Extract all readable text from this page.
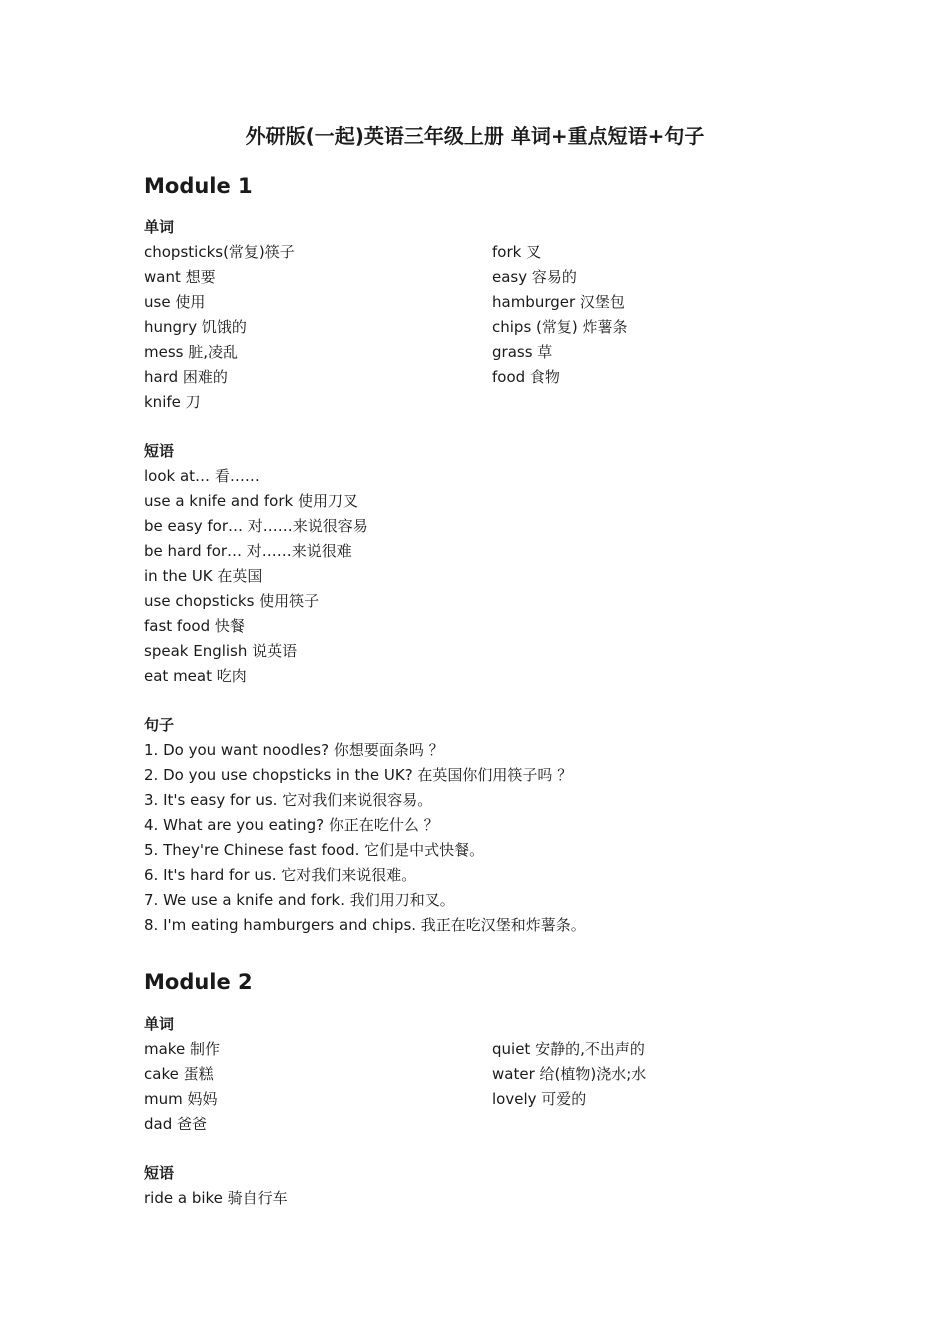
外研版(一起)英语三年级上册 单词+重点短语+句子
Module 1
单词
chopsticks(常复)筷子
want 想要
use 使用
hungry 饥饿的
mess 脏,凌乱
hard 困难的
knife 刀
fork 叉
easy 容易的
hamburger 汉堡包
chips (常复) 炸薯条
grass 草
food 食物
短语
look at… 看……
use a knife and fork 使用刀叉
be easy for… 对……来说很容易
be hard for… 对……来说很难
in the UK 在英国
use chopsticks 使用筷子
fast food 快餐
speak English 说英语
eat meat 吃肉
句子
1. Do you want noodles? 你想要面条吗 ？
2. Do you use chopsticks in the UK? 在英国你们用筷子吗 ？
3. It's easy for us. 它对我们来说很容易。
4. What are you eating? 你正在吃什么 ？
5. They're Chinese fast food. 它们是中式快餐。
6. It's hard for us. 它对我们来说很难。
7. We use a knife and fork. 我们用刀和叉。
8. I'm eating hamburgers and chips. 我正在吃汉堡和炸薯条。
Module 2
单词
make 制作
cake 蛋糕
mum 妈妈
dad 爸爸
quiet 安静的,不出声的
water 给(植物)浇水;水
lovely 可爱的
短语
ride a bike 骑自行车
